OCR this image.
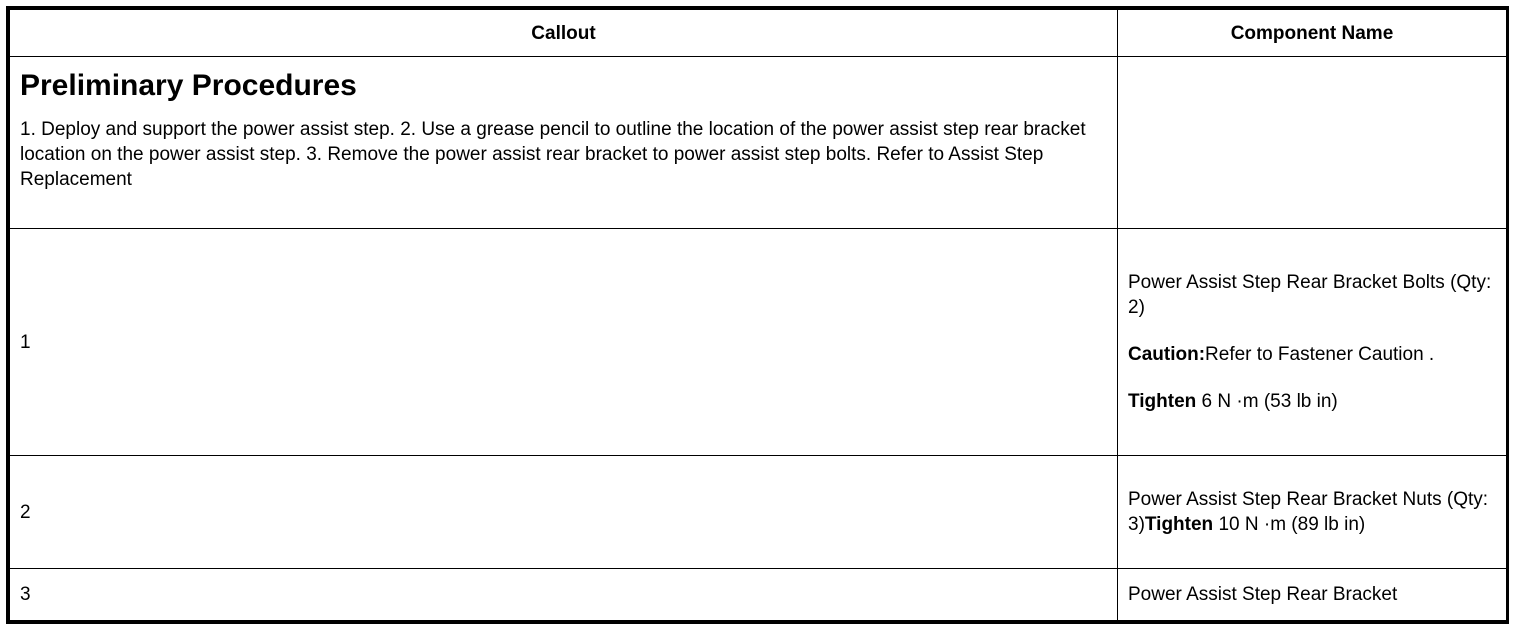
Callout	Component Name

Preliminary Procedures

1. Deploy and support the power assist step. 2. Use a grease pencil to outline the location of the power assist step rear bracket location on the power assist step. 3. Remove the power assist rear bracket to power assist step bolts. Refer to Assist Step Replacement	

1	Power Assist Step Rear Bracket Bolts (Qty: 2)

Caution:Refer to Fastener Caution .

Tighten 6 N ·m (53 lb in)

2	Power Assist Step Rear Bracket Nuts (Qty: 3)Tighten 10 N ·m (89 lb in)

3	Power Assist Step Rear Bracket
